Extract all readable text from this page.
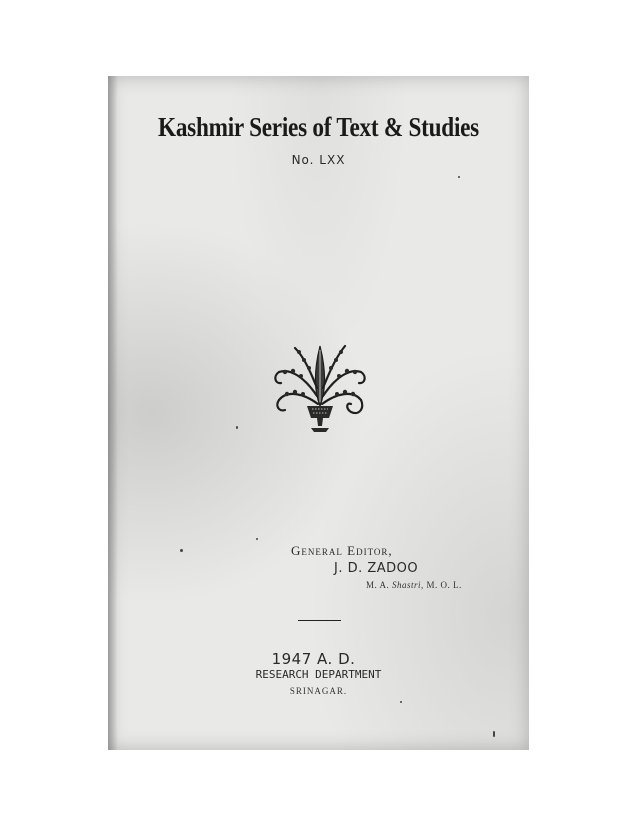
Kashmir Series of Text & Studies
No. LXX
General Editor,
J. D. ZADOO
M. A. Shastri, M. O. L.
1947 A. D.
RESEARCH DEPARTMENT
SRINAGAR.
